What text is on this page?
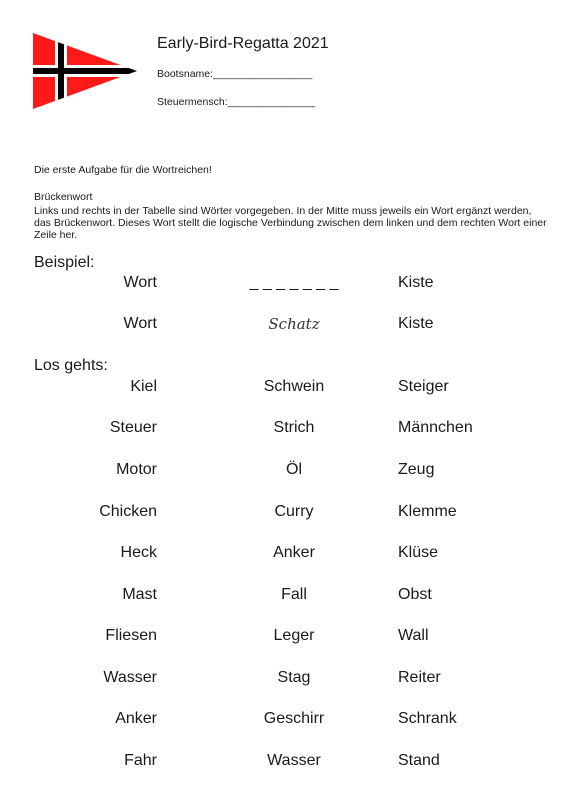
Early-Bird-Regatta 2021
Bootsname:_________________
Steuermensch:_______________
Die erste Aufgabe für die Wortreichen!
Brückenwort
Links und rechts in der Tabelle sind Wörter vorgegeben. In der Mitte muss jeweils ein Wort ergänzt werden, das Brückenwort. Dieses Wort stellt die logische Verbindung zwischen dem linken und dem rechten Wort einer Zeile her.
Beispiel:
Wort	_ _ _ _ _ _ _	Kiste
Wort	Schatz	Kiste
Los gehts:
Kiel	Schwein	Steiger
Steuer	Strich	Männchen
Motor	Öl	Zeug
Chicken	Curry	Klemme
Heck	Anker	Klüse
Mast	Fall	Obst
Fliesen	Leger	Wall
Wasser	Stag	Reiter
Anker	Geschirr	Schrank
Fahr	Wasser	Stand
